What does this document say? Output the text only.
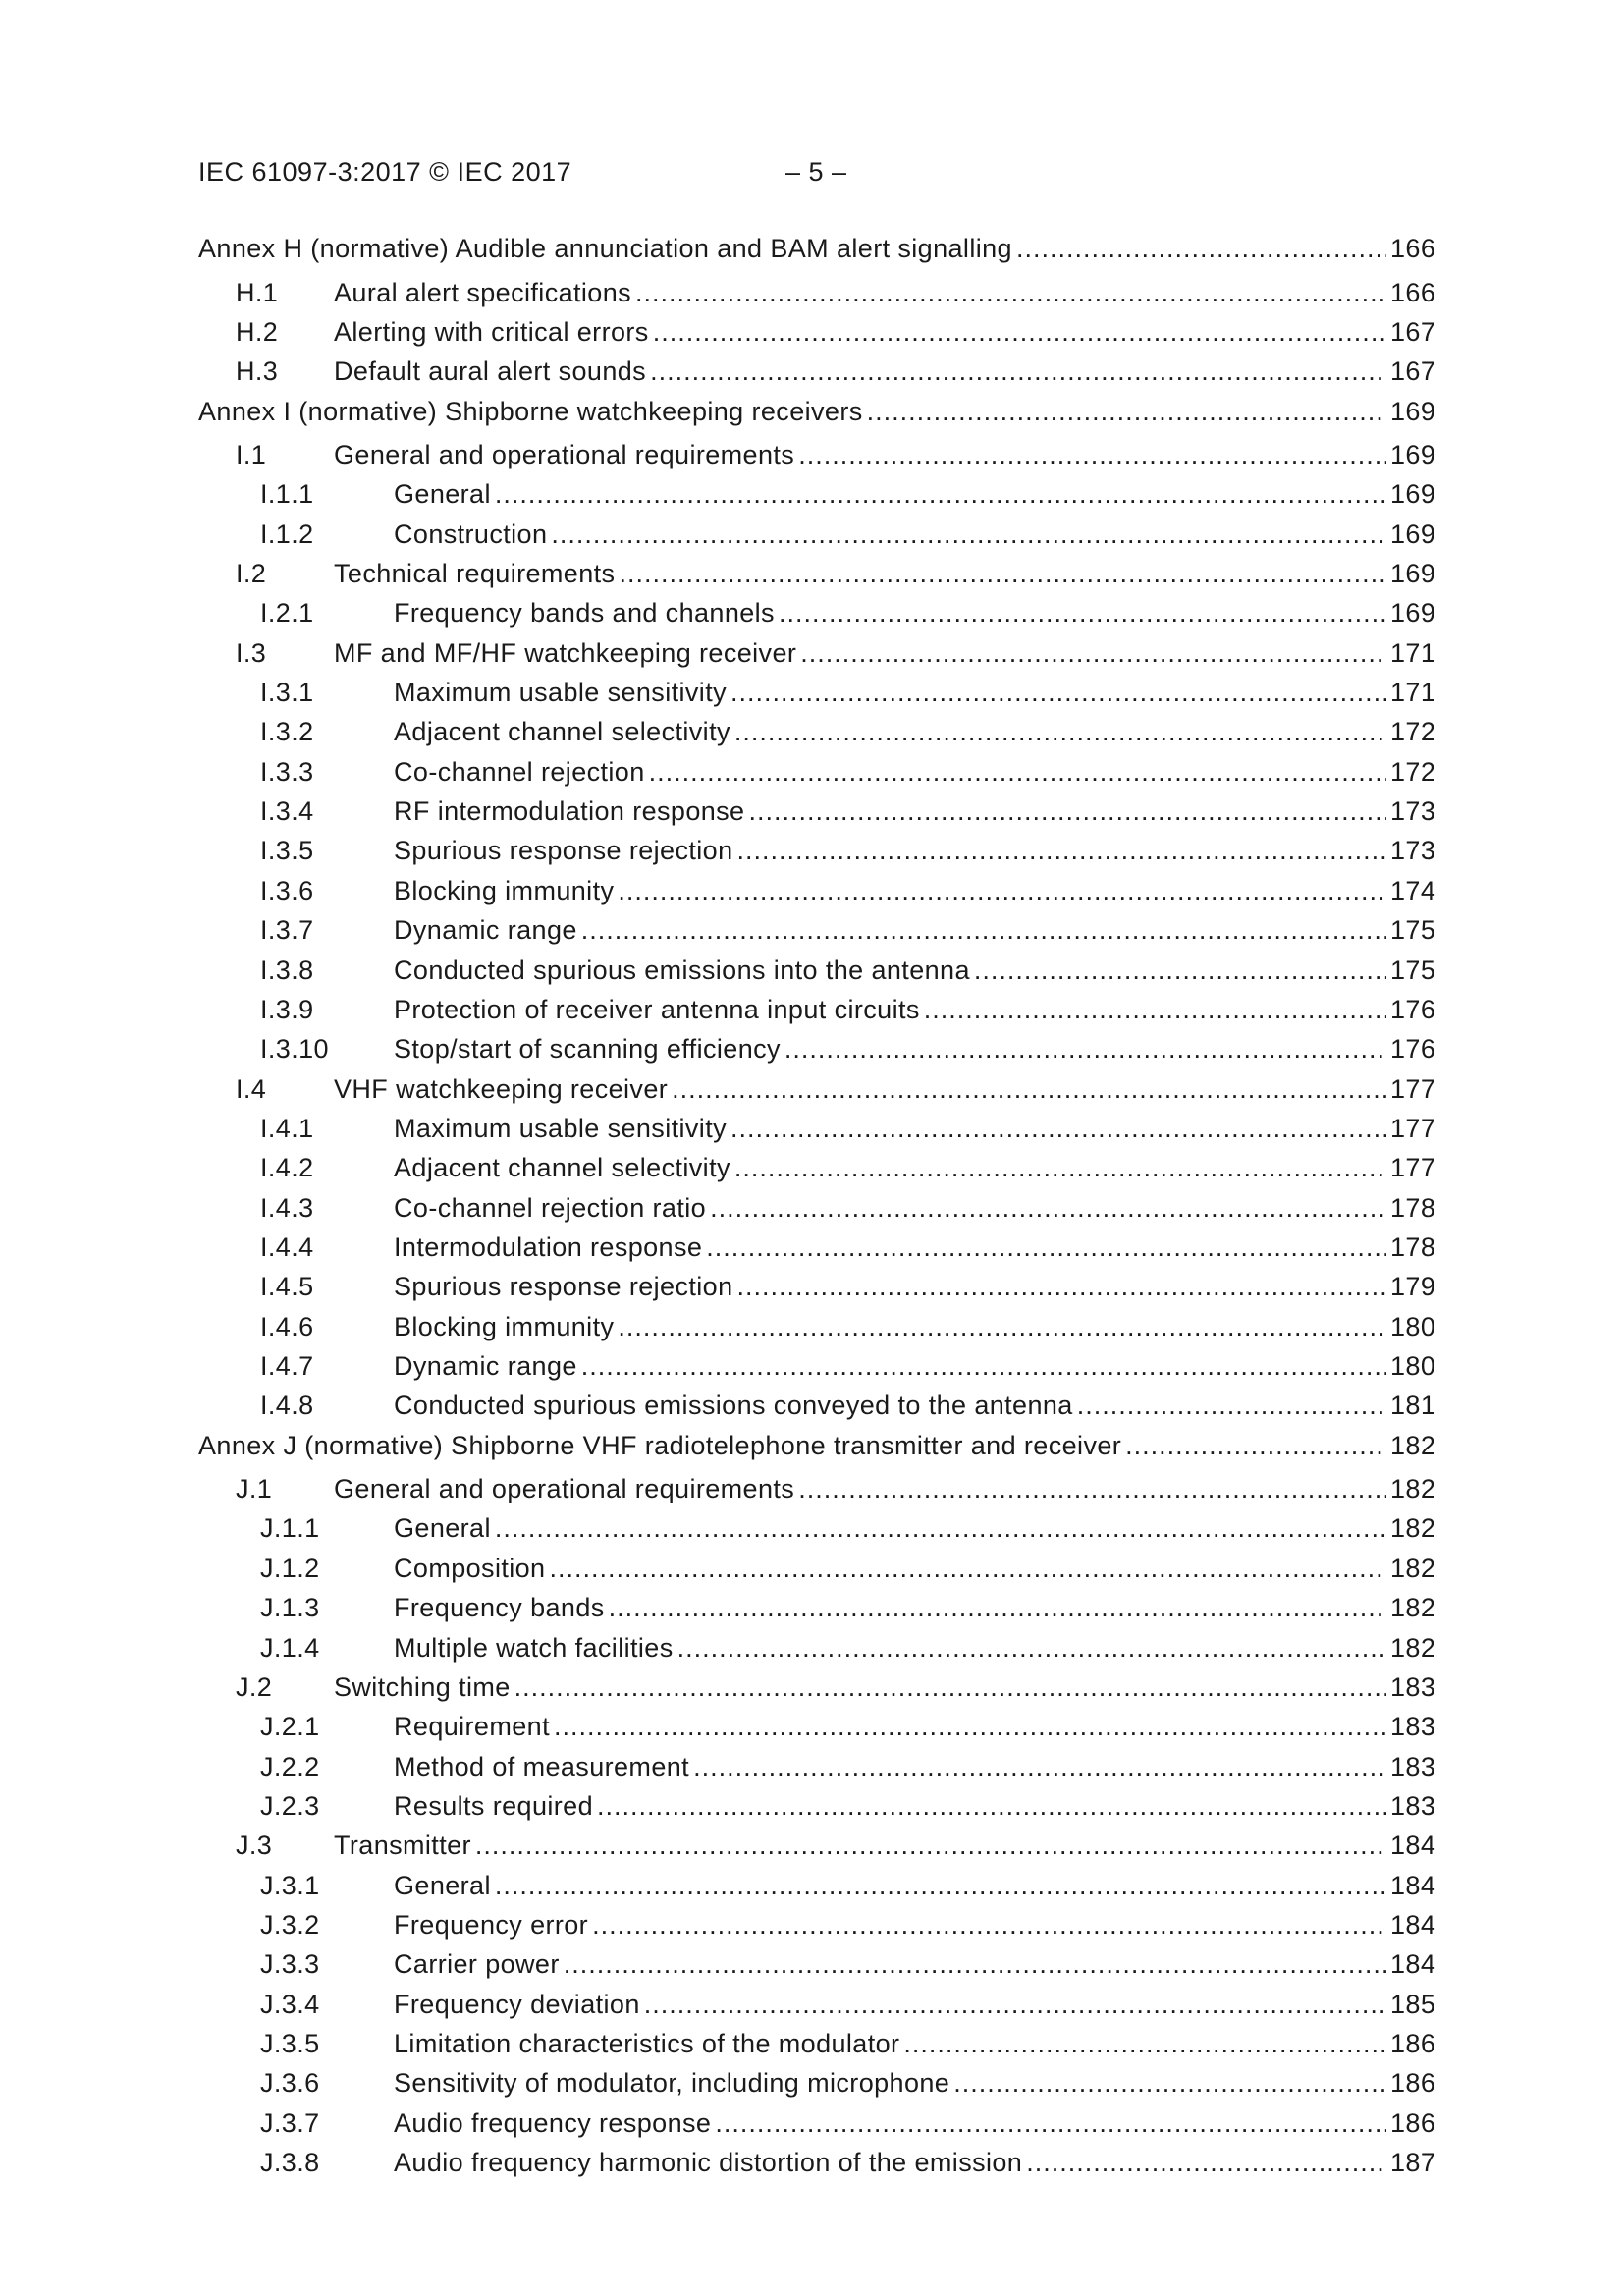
IEC 61097-3:2017 © IEC 2017	– 5 –
Annex H (normative) Audible annunciation and BAM alert signalling .....	166
H.1	Aural alert specifications .....	166
H.2	Alerting with critical errors .....	167
H.3	Default aural alert sounds .....	167
Annex I (normative) Shipborne watchkeeping receivers .....	169
I.1	General and operational requirements .....	169
I.1.1	General .....	169
I.1.2	Construction .....	169
I.2	Technical requirements .....	169
I.2.1	Frequency bands and channels .....	169
I.3	MF and MF/HF watchkeeping receiver .....	171
I.3.1	Maximum usable sensitivity .....	171
I.3.2	Adjacent channel selectivity .....	172
I.3.3	Co-channel rejection .....	172
I.3.4	RF intermodulation response .....	173
I.3.5	Spurious response rejection .....	173
I.3.6	Blocking immunity .....	174
I.3.7	Dynamic range .....	175
I.3.8	Conducted spurious emissions into the antenna .....	175
I.3.9	Protection of receiver antenna input circuits .....	176
I.3.10	Stop/start of scanning efficiency .....	176
I.4	VHF watchkeeping receiver .....	177
I.4.1	Maximum usable sensitivity .....	177
I.4.2	Adjacent channel selectivity .....	177
I.4.3	Co-channel rejection ratio .....	178
I.4.4	Intermodulation response .....	178
I.4.5	Spurious response rejection .....	179
I.4.6	Blocking immunity .....	180
I.4.7	Dynamic range .....	180
I.4.8	Conducted spurious emissions conveyed to the antenna .....	181
Annex J (normative) Shipborne VHF radiotelephone transmitter and receiver .....	182
J.1	General and operational requirements .....	182
J.1.1	General .....	182
J.1.2	Composition .....	182
J.1.3	Frequency bands .....	182
J.1.4	Multiple watch facilities .....	182
J.2	Switching time .....	183
J.2.1	Requirement .....	183
J.2.2	Method of measurement .....	183
J.2.3	Results required .....	183
J.3	Transmitter .....	184
J.3.1	General .....	184
J.3.2	Frequency error .....	184
J.3.3	Carrier power .....	184
J.3.4	Frequency deviation .....	185
J.3.5	Limitation characteristics of the modulator .....	186
J.3.6	Sensitivity of modulator, including microphone .....	186
J.3.7	Audio frequency response .....	186
J.3.8	Audio frequency harmonic distortion of the emission .....	187
